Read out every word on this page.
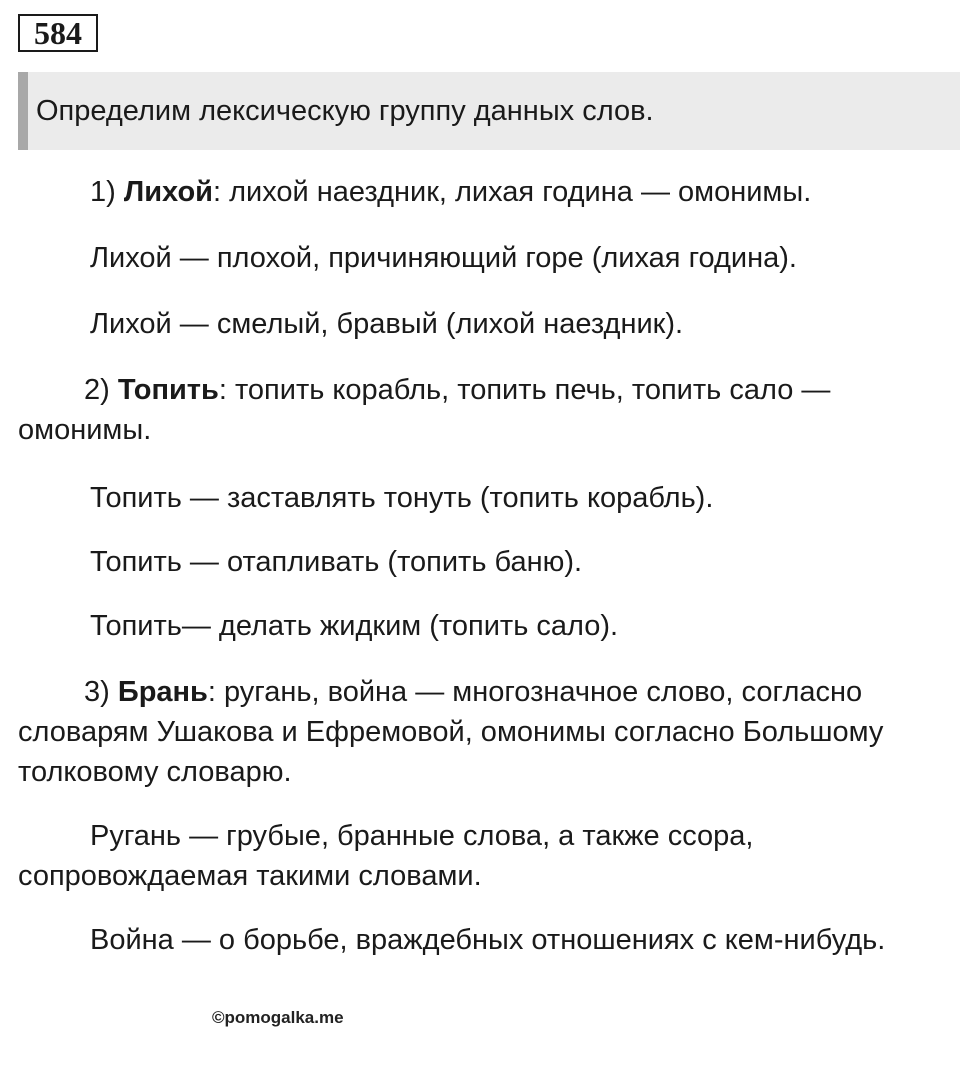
584
Определим лексическую группу данных слов.

1) Лихой: лихой наездник, лихая година — омонимы.

Лихой — плохой, причиняющий горе (лихая година).

Лихой — смелый, бравый (лихой наездник).

2) Топить: топить корабль, топить печь, топить сало — омонимы.

Топить — заставлять тонуть (топить корабль).

Топить — отапливать (топить баню).

Топить— делать жидким (топить сало).

3) Брань: ругань, война — многозначное слово, согласно словарям Ушакова и Ефремовой, омонимы согласно Большому толковому словарю.

Ругань — грубые, бранные слова, а также ссора, сопровождаемая такими словами.

Война — о борьбе, враждебных отношениях с кем-нибудь.

©pomogalka.me
